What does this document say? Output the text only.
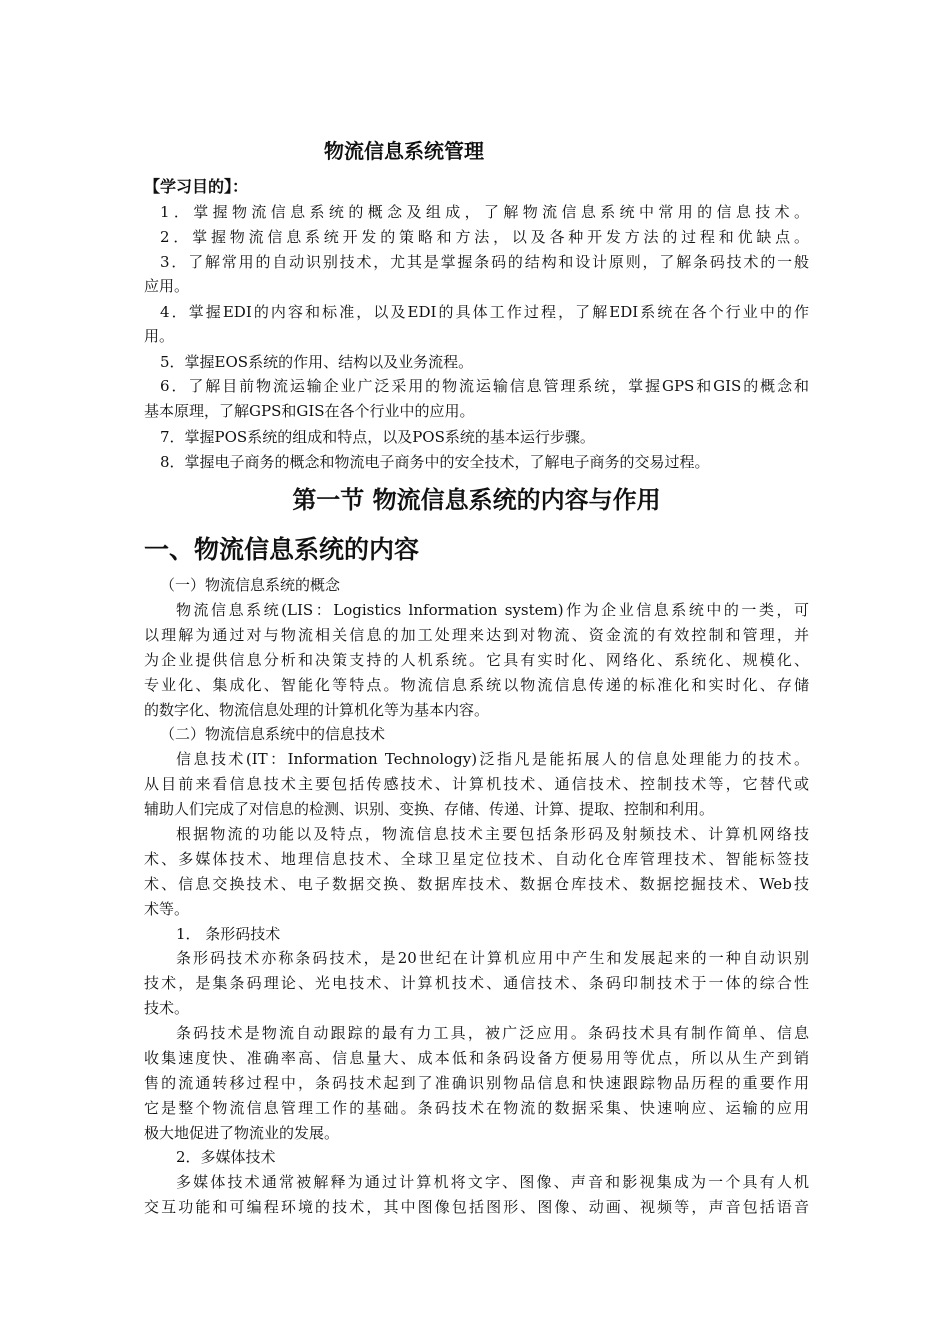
物流信息系统管理
【学习目的】：
1．掌握物流信息系统的概念及组成，了解物流信息系统中常用的信息技术。
2．掌握物流信息系统开发的策略和方法，以及各种开发方法的过程和优缺点。
3．了解常用的自动识别技术，尤其是掌握条码的结构和设计原则，了解条码技术的一般
应用。
4．掌握EDI的内容和标准，以及EDI的具体工作过程，了解EDI系统在各个行业中的作
用。
5．掌握EOS系统的作用、结构以及业务流程。
6．了解目前物流运输企业广泛采用的物流运输信息管理系统，掌握GPS和GIS的概念和
基本原理，了解GPS和GIS在各个行业中的应用。
7．掌握POS系统的组成和特点，以及POS系统的基本运行步骤。
8．掌握电子商务的概念和物流电子商务中的安全技术，了解电子商务的交易过程。
第一节 物流信息系统的内容与作用
一、物流信息系统的内容
（一）物流信息系统的概念
物流信息系统(LIS：Logistics lnformation system)作为企业信息系统中的一类，可
以理解为通过对与物流相关信息的加工处理来达到对物流、资金流的有效控制和管理，并
为企业提供信息分析和决策支持的人机系统。它具有实时化、网络化、系统化、规模化、
专业化、集成化、智能化等特点。物流信息系统以物流信息传递的标准化和实时化、存储
的数字化、物流信息处理的计算机化等为基本内容。
（二）物流信息系统中的信息技术
信息技术(IT：Information Technology)泛指凡是能拓展人的信息处理能力的技术。
从目前来看信息技术主要包括传感技术、计算机技术、通信技术、控制技术等，它替代或
辅助人们完成了对信息的检测、识别、变换、存储、传递、计算、提取、控制和利用。
根据物流的功能以及特点，物流信息技术主要包括条形码及射频技术、计算机网络技
术、多媒体技术、地理信息技术、全球卫星定位技术、自动化仓库管理技术、智能标签技
术、信息交换技术、电子数据交换、数据库技术、数据仓库技术、数据挖掘技术、Web技
术等。
1． 条形码技术
条形码技术亦称条码技术，是20世纪在计算机应用中产生和发展起来的一种自动识别
技术，是集条码理论、光电技术、计算机技术、通信技术、条码印制技术于一体的综合性
技术。
条码技术是物流自动跟踪的最有力工具，被广泛应用。条码技术具有制作简单、信息
收集速度快、准确率高、信息量大、成本低和条码设备方便易用等优点，所以从生产到销
售的流通转移过程中，条码技术起到了准确识别物品信息和快速跟踪物品历程的重要作用
它是整个物流信息管理工作的基础。条码技术在物流的数据采集、快速响应、运输的应用
极大地促进了物流业的发展。
2．多媒体技术
多媒体技术通常被解释为通过计算机将文字、图像、声音和影视集成为一个具有人机
交互功能和可编程环境的技术，其中图像包括图形、图像、动画、视频等，声音包括语音
